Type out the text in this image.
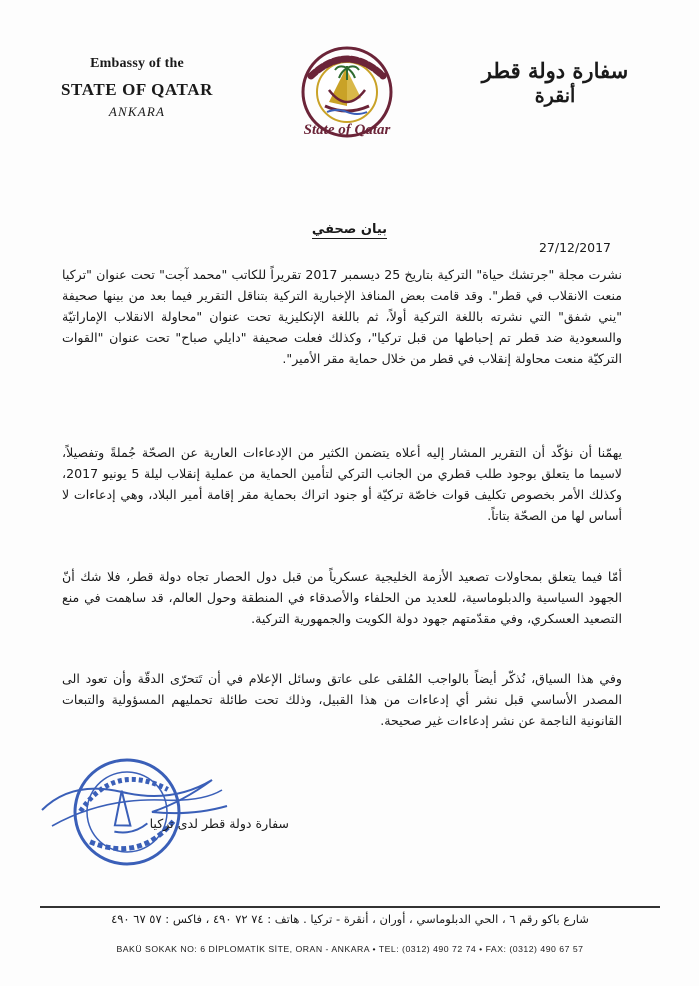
Embassy of the
STATE OF QATAR
ANKARA
State of Qatar
سفارة دولة قطر
أنقرة
بيان صحفي
27/12/2017
نشرت مجلة "جرتشك حياة" التركية بتاريخ 25 ديسمبر 2017 تقريراً للكاتب "محمد آجت" تحت عنوان "تركيا منعت الانقلاب في قطر". وقد قامت بعض المنافذ الإخبارية التركية بتناقل التقرير فيما بعد من بينها صحيفة "يني شفق" التي نشرته باللغة التركية أولاً، ثم باللغة الإنكليزية تحت عنوان "محاولة الانقلاب الإماراتيّة والسعودية ضد قطر تم إحباطها من قبل تركيا"، وكذلك فعلت صحيفة "دايلي صباح" تحت عنوان "القوات التركيّة منعت محاولة إنقلاب في قطر من خلال حماية مقر الأمير".
يهمّنا أن نؤكّد أن التقرير المشار إليه أعلاه يتضمن الكثير من الإدعاءات العارية عن الصحّة جُملةً وتفصيلاً، لاسيما ما يتعلق بوجود طلب قطري من الجانب التركي لتأمين الحماية من عملية إنقلاب ليلة 5 يونيو 2017، وكذلك الأمر بخصوص تكليف قوات خاصّة تركيّة أو جنود اتراك بحماية مقر إقامة أمير البلاد، وهي إدعاءات لا أساس لها من الصحّة بتاتاً.
أمّا فيما يتعلق بمحاولات تصعيد الأزمة الخليجية عسكرياً من قبل دول الحصار تجاه دولة قطر، فلا شك أنّ الجهود السياسية والدبلوماسية، للعديد من الحلفاء والأصدقاء في المنطقة وحول العالم، قد ساهمت في منع التصعيد العسكري، وفي مقدّمتهم جهود دولة الكويت والجمهورية التركية.
وفي هذا السياق، نُذكّر أيضاً بالواجب المُلقى على عاتق وسائل الإعلام في أن تَتحرّى الدقّة وأن تعود الى المصدر الأساسي قبل نشر أي إدعاءات من هذا القبيل، وذلك تحت طائلة تحمليهم المسؤولية والتبعات القانونية الناجمة عن نشر إدعاءات غير صحيحة.
سفارة دولة قطر لدى تركيا
شارع باكو رقم ٦ ، الحي الدبلوماسي ، أوران ، أنقرة - تركيا . هاتف : ٧٤ ٧٢ ٤٩٠ ، فاكس : ٥٧ ٦٧ ٤٩٠
BAKÜ SOKAK NO: 6 DİPLOMATİK SİTE, ORAN - ANKARA • TEL: (0312) 490 72 74 • FAX: (0312) 490 67 57
